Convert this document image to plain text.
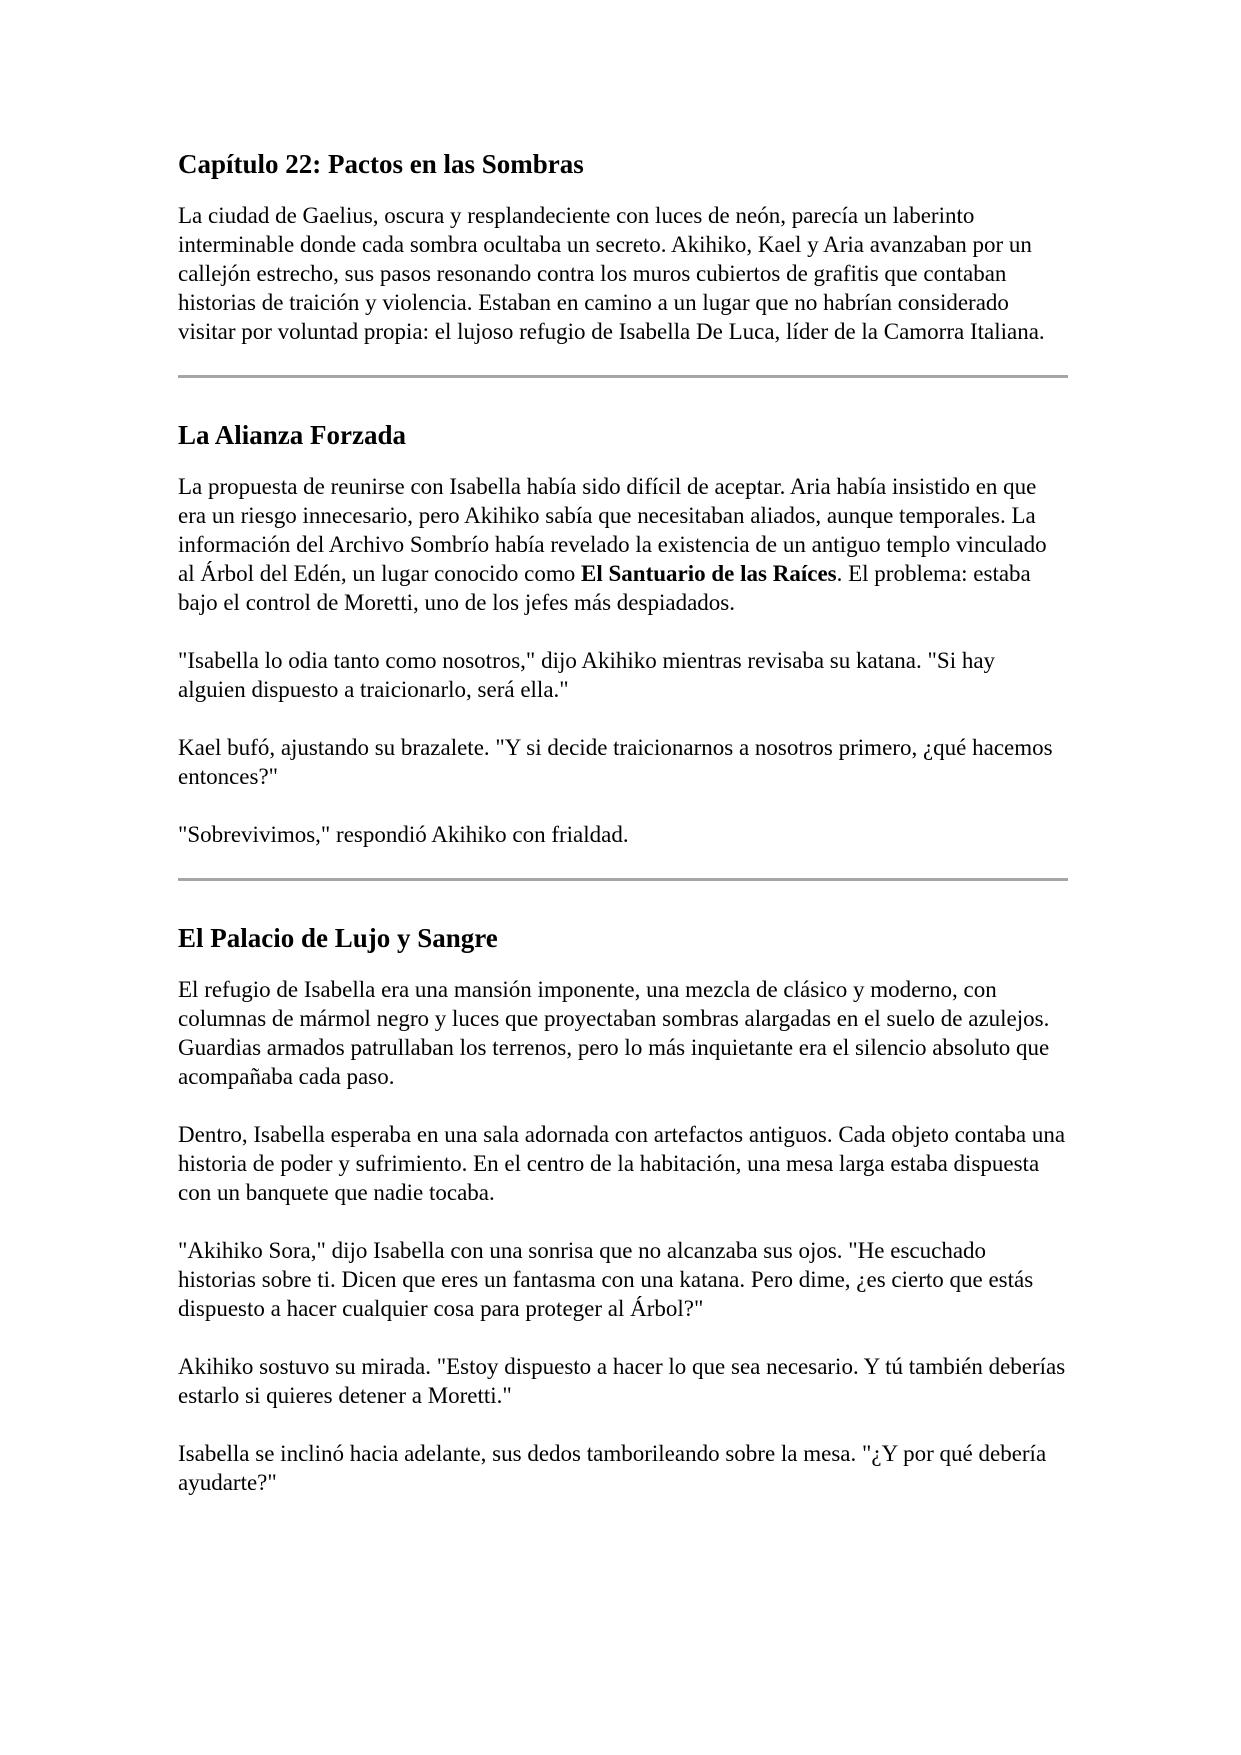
Capítulo 22: Pactos en las Sombras

La ciudad de Gaelius, oscura y resplandeciente con luces de neón, parecía un laberinto interminable donde cada sombra ocultaba un secreto. Akihiko, Kael y Aria avanzaban por un callejón estrecho, sus pasos resonando contra los muros cubiertos de grafitis que contaban historias de traición y violencia. Estaban en camino a un lugar que no habrían considerado visitar por voluntad propia: el lujoso refugio de Isabella De Luca, líder de la Camorra Italiana.

La Alianza Forzada

La propuesta de reunirse con Isabella había sido difícil de aceptar. Aria había insistido en que era un riesgo innecesario, pero Akihiko sabía que necesitaban aliados, aunque temporales. La información del Archivo Sombrío había revelado la existencia de un antiguo templo vinculado al Árbol del Edén, un lugar conocido como El Santuario de las Raíces. El problema: estaba bajo el control de Moretti, uno de los jefes más despiadados.

"Isabella lo odia tanto como nosotros," dijo Akihiko mientras revisaba su katana. "Si hay alguien dispuesto a traicionarlo, será ella."

Kael bufó, ajustando su brazalete. "Y si decide traicionarnos a nosotros primero, ¿qué hacemos entonces?"

"Sobrevivimos," respondió Akihiko con frialdad.

El Palacio de Lujo y Sangre

El refugio de Isabella era una mansión imponente, una mezcla de clásico y moderno, con columnas de mármol negro y luces que proyectaban sombras alargadas en el suelo de azulejos. Guardias armados patrullaban los terrenos, pero lo más inquietante era el silencio absoluto que acompañaba cada paso.

Dentro, Isabella esperaba en una sala adornada con artefactos antiguos. Cada objeto contaba una historia de poder y sufrimiento. En el centro de la habitación, una mesa larga estaba dispuesta con un banquete que nadie tocaba.

"Akihiko Sora," dijo Isabella con una sonrisa que no alcanzaba sus ojos. "He escuchado historias sobre ti. Dicen que eres un fantasma con una katana. Pero dime, ¿es cierto que estás dispuesto a hacer cualquier cosa para proteger al Árbol?"

Akihiko sostuvo su mirada. "Estoy dispuesto a hacer lo que sea necesario. Y tú también deberías estarlo si quieres detener a Moretti."

Isabella se inclinó hacia adelante, sus dedos tamborileando sobre la mesa. "¿Y por qué debería ayudarte?"
